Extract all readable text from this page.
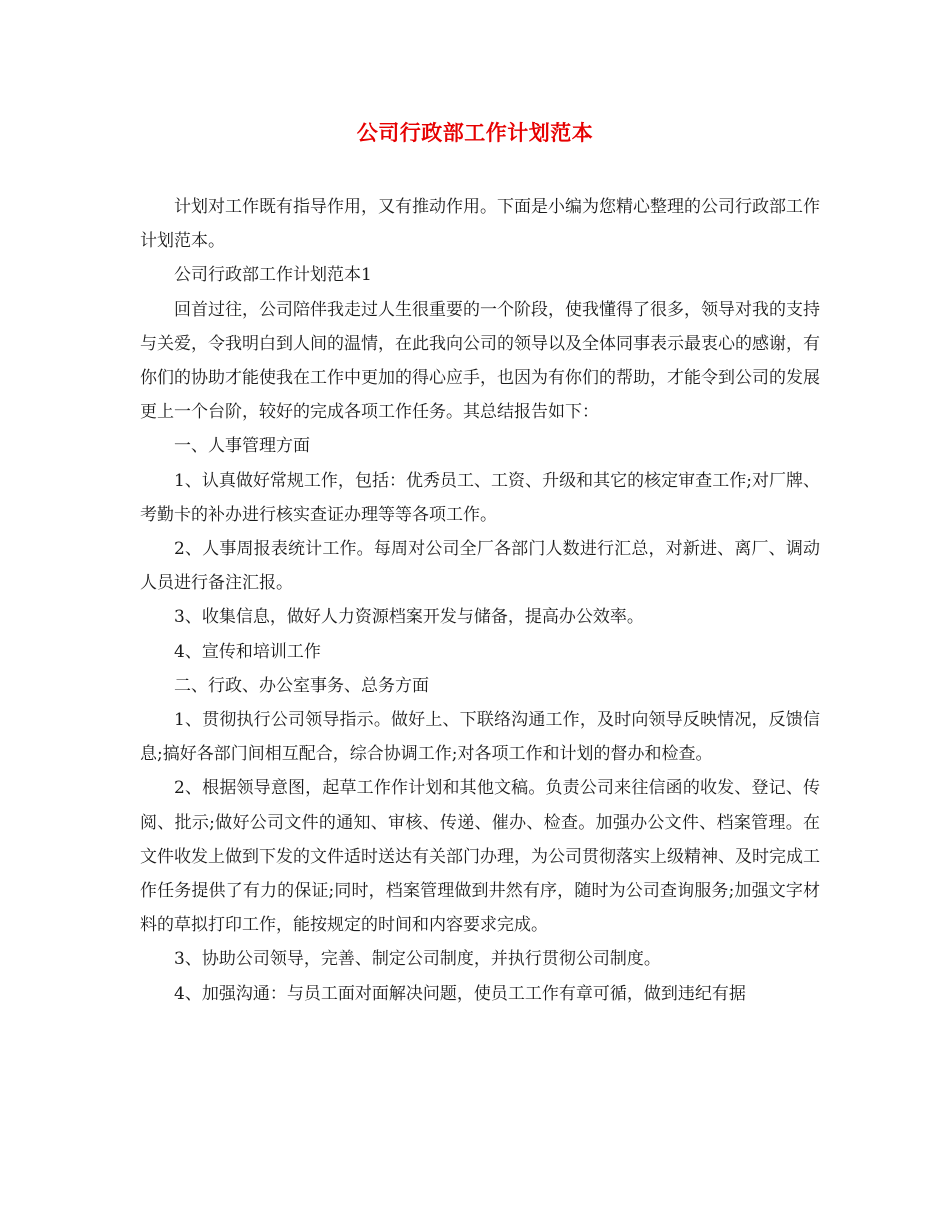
公司行政部工作计划范本

计划对工作既有指导作用，又有推动作用。下面是小编为您精心整理的公司行政部工作计划范本。

公司行政部工作计划范本1

回首过往，公司陪伴我走过人生很重要的一个阶段，使我懂得了很多，领导对我的支持与关爱，令我明白到人间的温情，在此我向公司的领导以及全体同事表示最衷心的感谢，有你们的协助才能使我在工作中更加的得心应手，也因为有你们的帮助，才能令到公司的发展更上一个台阶，较好的完成各项工作任务。其总结报告如下：

一、人事管理方面

1、认真做好常规工作，包括：优秀员工、工资、升级和其它的核定审查工作;对厂牌、考勤卡的补办进行核实查证办理等等各项工作。

2、人事周报表统计工作。每周对公司全厂各部门人数进行汇总，对新进、离厂、调动人员进行备注汇报。

3、收集信息，做好人力资源档案开发与储备，提高办公效率。

4、宣传和培训工作

二、行政、办公室事务、总务方面

1、贯彻执行公司领导指示。做好上、下联络沟通工作，及时向领导反映情况，反馈信息;搞好各部门间相互配合，综合协调工作;对各项工作和计划的督办和检查。

2、根据领导意图，起草工作作计划和其他文稿。负责公司来往信函的收发、登记、传阅、批示;做好公司文件的通知、审核、传递、催办、检查。加强办公文件、档案管理。在文件收发上做到下发的文件适时送达有关部门办理，为公司贯彻落实上级精神、及时完成工作任务提供了有力的保证;同时，档案管理做到井然有序，随时为公司查询服务;加强文字材料的草拟打印工作，能按规定的时间和内容要求完成。

3、协助公司领导，完善、制定公司制度，并执行贯彻公司制度。

4、加强沟通：与员工面对面解决问题，使员工工作有章可循，做到违纪有据
